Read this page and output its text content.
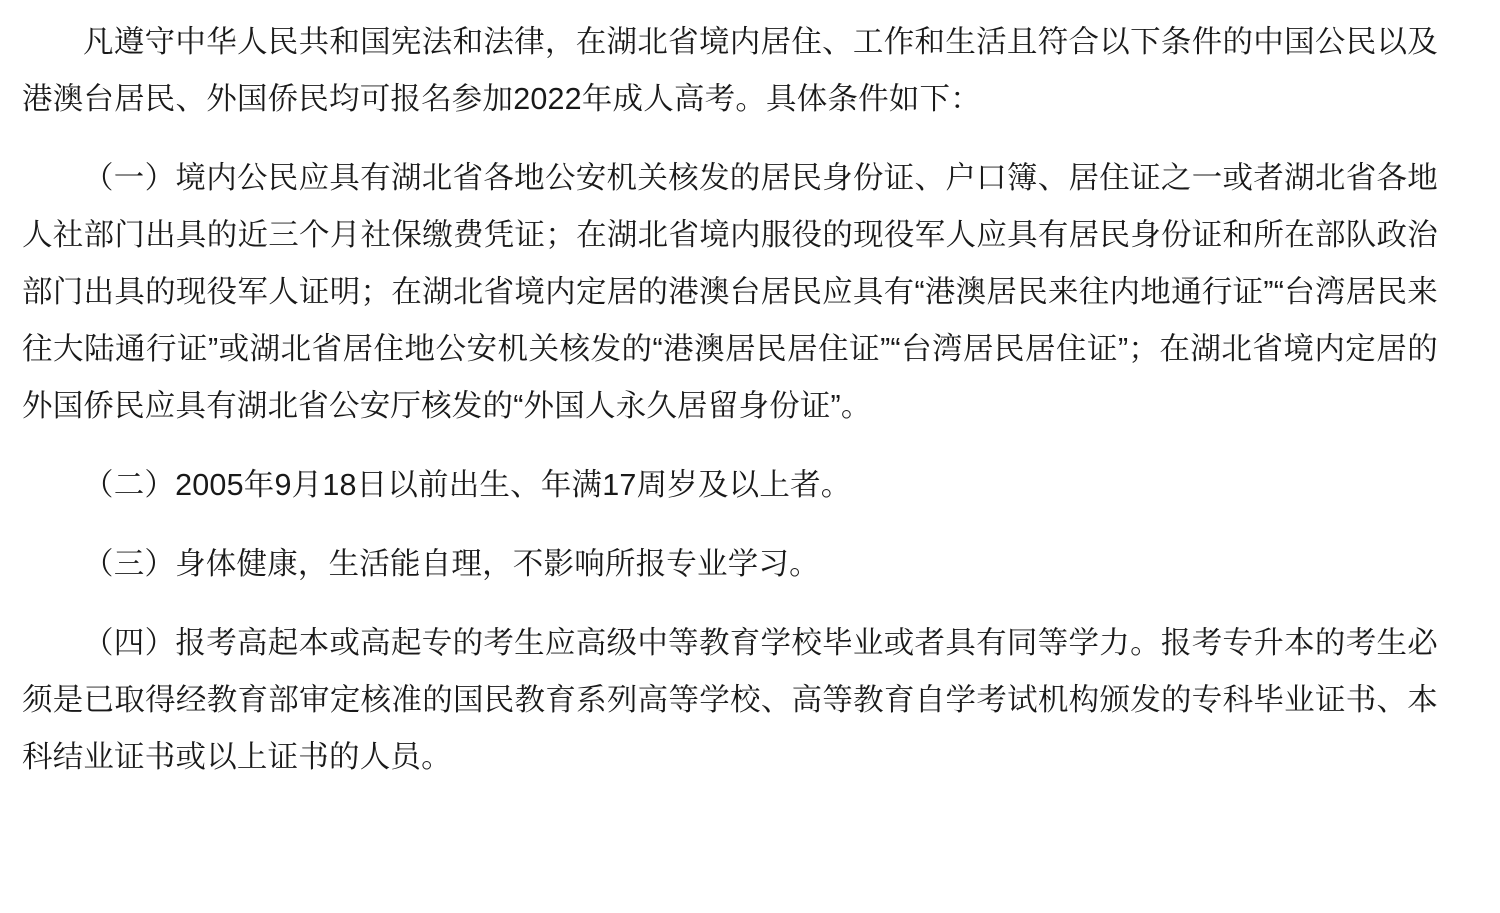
凡遵守中华人民共和国宪法和法律，在湖北省境内居住、工作和生活且符合以下条件的中国公民以及港澳台居民、外国侨民均可报名参加2022年成人高考。具体条件如下：

（一）境内公民应具有湖北省各地公安机关核发的居民身份证、户口簿、居住证之一或者湖北省各地人社部门出具的近三个月社保缴费凭证；在湖北省境内服役的现役军人应具有居民身份证和所在部队政治部门出具的现役军人证明；在湖北省境内定居的港澳台居民应具有“港澳居民来往内地通行证”“台湾居民来往大陆通行证”或湖北省居住地公安机关核发的“港澳居民居住证”“台湾居民居住证”；在湖北省境内定居的外国侨民应具有湖北省公安厅核发的“外国人永久居留身份证”。

（二）2005年9月18日以前出生、年满17周岁及以上者。

（三）身体健康，生活能自理，不影响所报专业学习。

（四）报考高起本或高起专的考生应高级中等教育学校毕业或者具有同等学力。报考专升本的考生必须是已取得经教育部审定核准的国民教育系列高等学校、高等教育自学考试机构颁发的专科毕业证书、本科结业证书或以上证书的人员。
